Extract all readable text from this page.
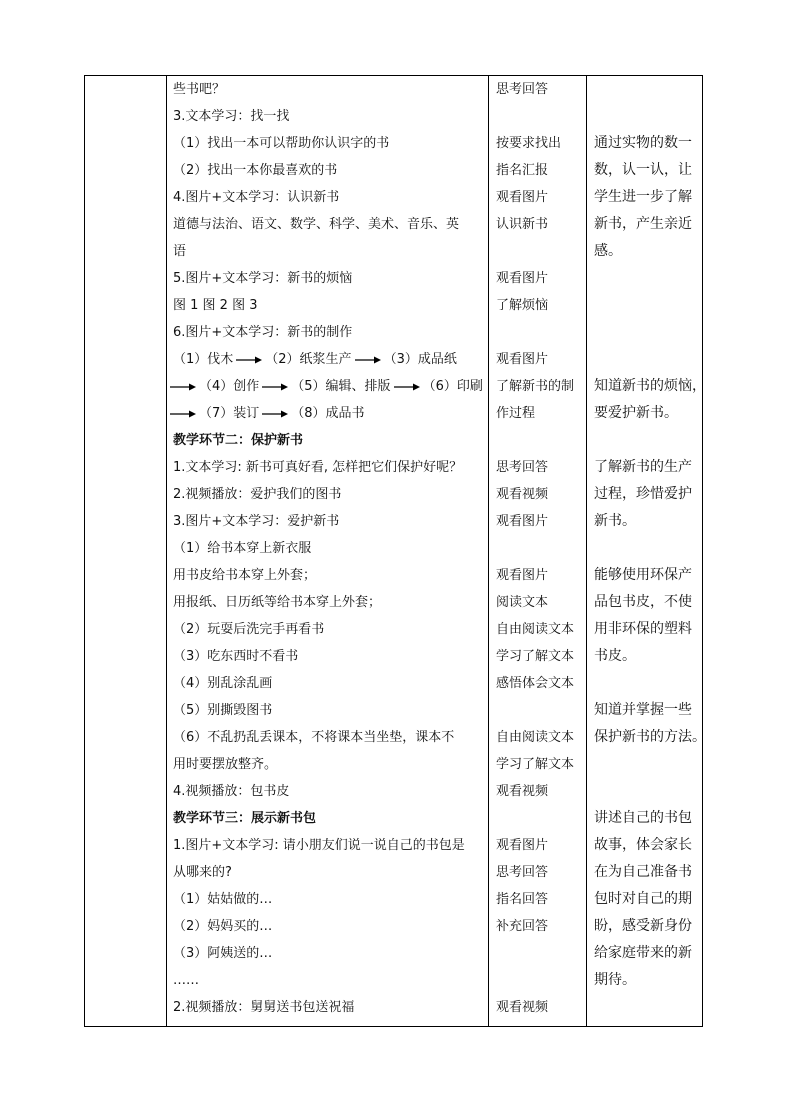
（1）伐木 （2）纸浆生产 （3）成品纸
（4）创作 （5）编辑、排版 （6）印刷
（7）装订 （8）成品书
些书吧？
3.文本学习：找一找
（1）找出一本可以帮助你认识字的书
（2）找出一本你最喜欢的书
4.图片+文本学习：认识新书
道德与法治、语文、数学、科学、美术、音乐、英
语
5.图片+文本学习：新书的烦恼
图 1 图 2 图 3
6.图片+文本学习：新书的制作
教学环节二：保护新书
1.文本学习: 新书可真好看, 怎样把它们保护好呢？
2.视频播放：爱护我们的图书
3.图片+文本学习：爱护新书
（1）给书本穿上新衣服
用书皮给书本穿上外套；
用报纸、日历纸等给书本穿上外套；
（2）玩耍后洗完手再看书
（3）吃东西时不看书
（4）别乱涂乱画
（5）别撕毁图书
（6）不乱扔乱丢课本，不将课本当坐垫，课本不
用时要摆放整齐。
4.视频播放：包书皮
教学环节三：展示新书包
1.图片+文本学习: 请小朋友们说一说自己的书包是
从哪来的?
（1）姑姑做的…
（2）妈妈买的…
（3）阿姨送的…
……
2.视频播放：舅舅送书包送祝福
思考回答
按要求找出
指名汇报
观看图片
认识新书
观看图片
了解烦恼
观看图片
了解新书的制
作过程
思考回答
观看视频
观看图片
观看图片
阅读文本
自由阅读文本
学习了解文本
感悟体会文本
自由阅读文本
学习了解文本
观看视频
观看图片
思考回答
指名回答
补充回答
观看视频
通过实物的数一
数，认一认，让
学生进一步了解
新书，产生亲近
感。
知道新书的烦恼，
要爱护新书。
了解新书的生产
过程，珍惜爱护
新书。
能够使用环保产
品包书皮，不使
用非环保的塑料
书皮。
知道并掌握一些
保护新书的方法。
讲述自己的书包
故事，体会家长
在为自己准备书
包时对自己的期
盼，感受新身份
给家庭带来的新
期待。
